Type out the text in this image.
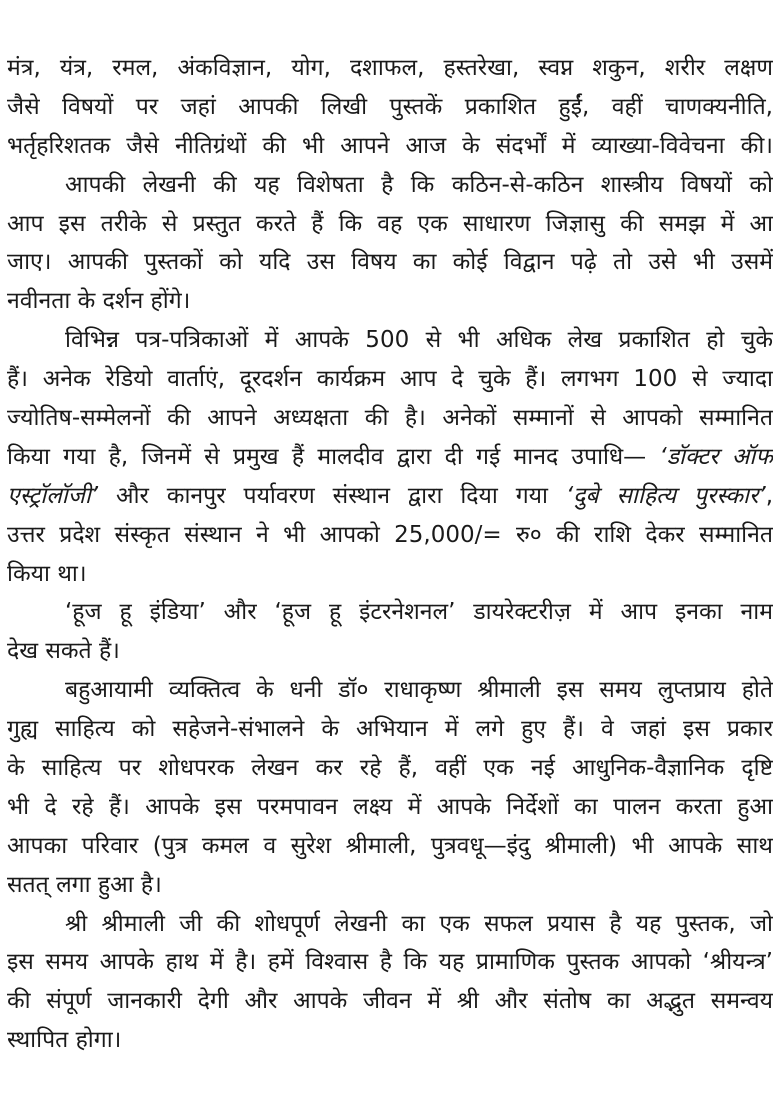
मंत्र, यंत्र, रमल, अंकविज्ञान, योग, दशाफल, हस्तरेखा, स्वप्न शकुन, शरीर लक्षण
जैसे विषयों पर जहां आपकी लिखी पुस्तकें प्रकाशित हुईं, वहीं चाणक्यनीति,
भर्तृहरिशतक जैसे नीतिग्रंथों की भी आपने आज के संदर्भों में व्याख्या-विवेचना की।
आपकी लेखनी की यह विशेषता है कि कठिन-से-कठिन शास्त्रीय विषयों को
आप इस तरीके से प्रस्तुत करते हैं कि वह एक साधारण जिज्ञासु की समझ में आ
जाए। आपकी पुस्तकों को यदि उस विषय का कोई विद्वान पढ़े तो उसे भी उसमें
नवीनता के दर्शन होंगे।
विभिन्न पत्र-पत्रिकाओं में आपके 500 से भी अधिक लेख प्रकाशित हो चुके
हैं। अनेक रेडियो वार्ताएं, दूरदर्शन कार्यक्रम आप दे चुके हैं। लगभग 100 से ज्यादा
ज्योतिष-सम्मेलनों की आपने अध्यक्षता की है। अनेकों सम्मानों से आपको सम्मानित
किया गया है, जिनमें से प्रमुख हैं मालदीव द्वारा दी गई मानद उपाधि— ‘डॉक्टर ऑफ
एस्ट्रॉलॉजी’ और कानपुर पर्यावरण संस्थान द्वारा दिया गया ‘दुबे साहित्य पुरस्कार’,
उत्तर प्रदेश संस्कृत संस्थान ने भी आपको 25,000/= रु० की राशि देकर सम्मानित
किया था।
‘हूज हू इंडिया’ और ‘हूज हू इंटरनेशनल’ डायरेक्टरीज़ में आप इनका नाम
देख सकते हैं।
बहुआयामी व्यक्तित्व के धनी डॉ० राधाकृष्ण श्रीमाली इस समय लुप्तप्राय होते
गुह्य साहित्य को सहेजने-संभालने के अभियान में लगे हुए हैं। वे जहां इस प्रकार
के साहित्य पर शोधपरक लेखन कर रहे हैं, वहीं एक नई आधुनिक-वैज्ञानिक दृष्टि
भी दे रहे हैं। आपके इस परमपावन लक्ष्य में आपके निर्देशों का पालन करता हुआ
आपका परिवार (पुत्र कमल व सुरेश श्रीमाली, पुत्रवधू—इंदु श्रीमाली) भी आपके साथ
सतत् लगा हुआ है।
श्री श्रीमाली जी की शोधपूर्ण लेखनी का एक सफल प्रयास है यह पुस्तक, जो
इस समय आपके हाथ में है। हमें विश्वास है कि यह प्रामाणिक पुस्तक आपको ‘श्रीयन्त्र’
की संपूर्ण जानकारी देगी और आपके जीवन में श्री और संतोष का अद्भुत समन्वय
स्थापित होगा।
